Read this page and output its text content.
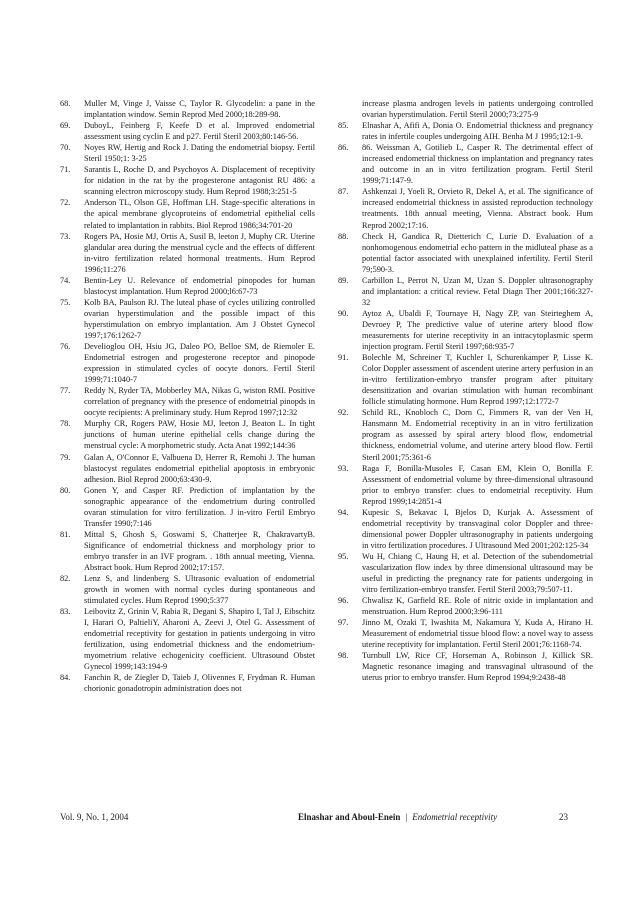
68. Muller M, Vinge J, Vaisse C, Taylor R. Glycodelin: a pane in the implantation window. Semin Reprod Med 2000;18:289-98.
69. DuboyL, Feinberg F, Keefe D et al. Improved endometrial assessment using cyclin E and p27. Fertil Steril 2003;80:146-56.
70. Noyes RW, Hertig and Rock J. Dating the endometrial biopsy. Fertil Steril 1950;1: 3-25
71. Sarantis L, Roche D, and Psychoyos A. Displacement of receptivity for nidation in the rat by the progesterone antagonist RU 486: a scanning electron microscopy study. Hum Reprod 1988;3:251-5
72. Anderson TL, Olson GE, Hoffman LH. Stage-specific alterations in the apical membrane glycoproteins of endometrial epithelial cells related to implantation in rabbits. Biol Reprod 1986;34:701-20
73. Rogers PA, Hosie MJ, Ortis A, Susil B, leeton J, Muphy CR. Uterine glandular area during the menstrual cycle and the effects of different in-vitro fertilization related hormonal treatments. Hum Reprod 1996;11:276
74. Bentin-Ley U. Relevance of endometrial pinopodes for human blastocyst implantation. Hum Reprod 2000;l6:67-73
75. Kolb BA, Paulson RJ. The luteal phase of cycles utilizing controlled ovarian hyperstimulation and the possible impact of this hyperstimulation on embryo implantation. Am J Obstet Gynecol 1997;176:1262-7
76. Develioglou OH, Hsiu JG, Daleo PO, Belloe SM, de Riemoler E. Endometrial estrogen and progesterone receptor and pinopode expression in stimulated cycles of oocyte donors. Fertil Steril 1999;71:1040-7
77. Reddy N, Ryder TA, Mobberley MA, Nikas G, wiston RMI. Positive correlation of pregnancy with the presence of endometrial pinopds in oocyte recipients: A preliminary study. Hum Reprod 1997;12:32
78. Murphy CR, Rogers PAW, Hosie MJ, leeton J, Beaton L. In tight junctions of human uterine epithelial cells change during the menstrual cycle: A morphometric study. Acta Anat 1992;144:36
79. Galan A, O'Connor E, Valbuena D, Herrer R, Remohi J. The human blastocyst regulates endometrial epithelial apoptosis in embryonic adhesion. Biol Reprod 2000;63:430-9.
80. Gonen Y, and Casper RF. Prediction of implantation by the sonographic appearance of the endometrium during controlled ovaran stimulation for vitro fertilization. J in-vitro Fertil Embryo Transfer 1990;7:146
81. Mittal S, Ghosh S, Goswami S, Chatterjee R, ChakravartyB. Significance of endometrial thickness and morphology prior to embryo transfer in an IVF program. . 18th annual meeting, Vienna. Abstract book. Hum Reprod 2002;17:157.
82. Lenz S, and lindenberg S. Ultrasonic evaluation of endometrial growth in women with normal cycles during spontaneous and stimulated cycles. Hum Reprod 1990;5:377
83. Leibovitz Z, Grinin V, Rabia R, Degani S, Shapiro I, Tal J, Eibschitz I, Harari O, PaltieliY, Aharoni A, Zeevi J, Otel G. Assessment of endometrial receptivity for gestation in patients undergoing in vitro fertilization, using endometrial thickness and the endometrium-myometrium relative echogenicity coefficient. Ultrasound Obstet Gynecol 1999;143:194-9
84. Fanchin R, de Ziegler D, Taieb J, Olivennes F, Frydman R. Human chorionic gonadotropin administration does not
increase plasma androgen levels in patients undergoing controlled ovarian hyperstimulation. Fertil Steril 2000;73:275-9
85. Elnashar A, Afifi A, Donia O. Endometrial thickness and pregnancy rates in infertile couples undergoing AIH. Benha M J 1995;12:1-9.
86. 86. Weissman A, Gotilieb L, Casper R. The detrimental effect of increased endometrial thickness on implantation and pregnancy rates and outcome in an in vitro fertilization program. Fertil Steril 1999;71:147-9.
87. Ashkenzai J, Yoeli R, Orvieto R, Dekel A, et al. The significance of increased endometrial thickness in assisted reproduction technology treatments. 18th annual meeting, Vienna. Abstract book. Hum Reprod 2002;17:16.
88. Check H, Gandica R, Dietterich C, Lurie D. Evaluation of a nonhomogenous endometrial echo pattern in the midluteal phase as a potential factor associated with unexplained infertility. Fertil Steril 79;590-3.
89. Carbillon L, Perrot N, Uzan M, Uzan S. Doppler ultrasonography and implantation: a critical review. Fetal Diagn Ther 2001;166:327-32
90. Aytoz A, Ubaldi F, Tournaye H, Nagy ZP, van Steirteghem A, Devroey P, The predictive value of uterine artery blood flow measurements for uterine receptivity in an intracytoplasmic sperm injection program. Fertil Steril 1997;68:935-7
91. Bolechle M, Schreiner T, Kuchler I, Schurenkamper P, Lisse K. Color Doppler assessment of ascendent uterine artery perfusion in an in-vitro fertilization-embryo transfer program after pituitary desensitization and ovarian stimulation with human recombinant follicle stimulating hormone. Hum Reprod 1997;12:1772-7
92. Schild RL, Knobloch C, Dorn C, Fimmers R, van der Ven H, Hansmann M. Endometrial receptivity in an in vitro fertilization program as assessed by spiral artery blood flow, endometrial thickness, endometrial volume, and uterine artery blood flow. Fertil Steril 2001;75:361-6
93. Raga F, Bonilla-Musoles F, Casan EM, Klein O, Bonilla F. Assessment of endometrial volume by three-dimensional ultrasound prior to embryo transfer: clues to endometrial receptivity. Hum Reprod 1999;14:2851-4
94. Kupesic S, Bekavac I, Bjelos D, Kurjak A. Assessment of endometrial receptivity by transvaginal color Doppler and three-dimensional power Doppler ultrasonography in patients undergoing in vitro fertilization procedures. J Ultrasound Med 2001;202:125-34
95. Wu H, Chiang C, Haung H, et al. Detection of the subendometrial vascularization flow index by three dimensional ultrasound may be useful in predicting the pregnancy rate for patients undergoing in vitro fertilization-embryo transfer. Fertil Steril 2003;79:507-11.
96. Chwalisz K, Garfield RE. Role of nitric oxide in implantation and menstruation. Hum Reprod 2000;3:96-111
97. Jinno M, Ozaki T, Iwashita M, Nakamura Y, Kuda A, Hirano H. Measurement of endometrial tissue blood flow: a novel way to assess uterine receptivity for implantation. Fertil Steril 2001;76:1168-74.
98. Turnbull LW, Rice CF, Horseman A, Robinson J, Killick SR. Magnetic resonance imaging and transvaginal ultrasound of the uterus prior to embryo transfer. Hum Reprod 1994;9:2438-48
Vol. 9, No. 1, 2004	Elnashar and Aboul-Enein | Endometrial receptivity	23
